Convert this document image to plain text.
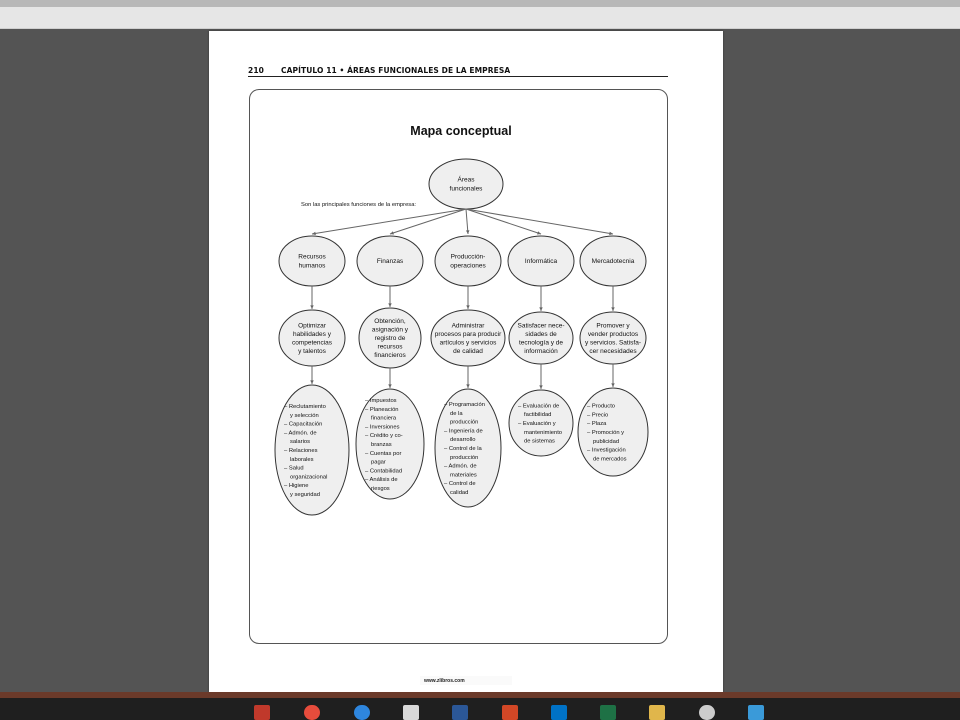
210 CAPÍTULO 11 • ÁREAS FUNCIONALES DE LA EMPRESA
Mapa conceptual
Áreas
funcionales
Son las principales funciones de la empresa:
Recursos
humanos
Optimizar
habilidades y
competencias
y talentos
– Reclutamiento
y selección
– Capacitación
– Admón. de
salarios
– Relaciones
laborales
– Salud
organizacional
– Higiene
y seguridad
Finanzas
Obtención,
asignación y
registro de
recursos
financieros
– Impuestos
– Planeación
financiera
– Inversiones
– Crédito y co-
branzas
– Cuentas por
pagar
– Contabilidad
– Análisis de
riesgos
Producción-
operaciones
Administrar
procesos para producir
artículos y servicios
de calidad
– Programación
de la
producción
– Ingeniería de
desarrollo
– Control de la
producción
– Admón. de
materiales
– Control de
calidad
Informática
Satisfacer nece-
sidades de
tecnología y de
información
– Evaluación de
factibilidad
– Evaluación y
mantenimiento
de sistemas
Mercadotecnia
Promover y
vender productos
y servicios. Satisfa-
cer necesidades
– Producto
– Precio
– Plaza
– Promoción y
publicidad
– Investigación
de mercados
www.zlibros.com
